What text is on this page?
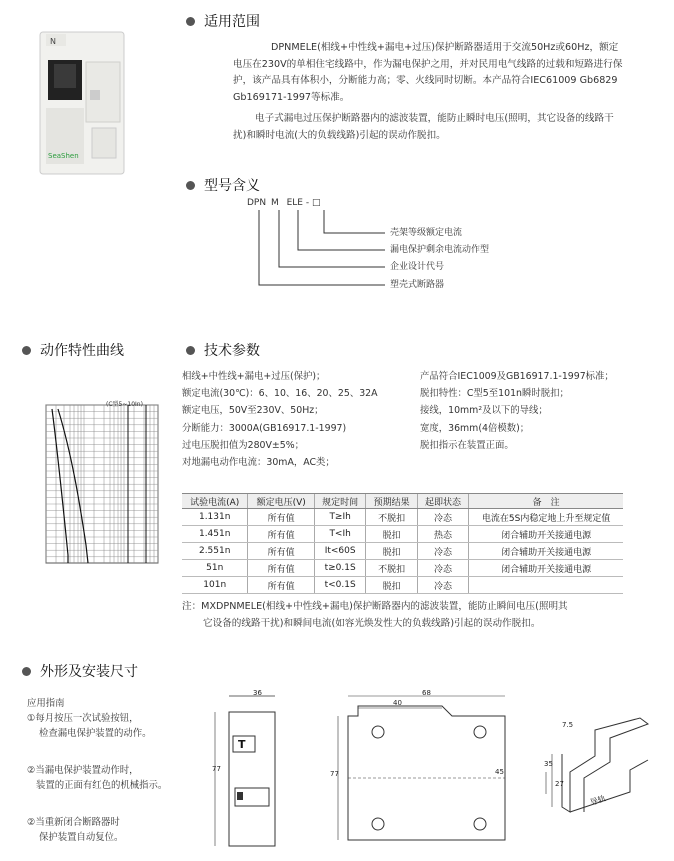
N
SeaShen
适用范围
DPNMELE(相线+中性线+漏电+过压)保护断路器适用于交流50Hz或60Hz，额定电压在230V的单相住宅线路中，作为漏电保护之用，并对民用电气线路的过载和短路进行保护，该产品具有体积小，分断能力高；零、火线同时切断。本产品符合IEC61009 Gb6829 Gb169171-1997等标准。
电子式漏电过压保护断路器内的滤波装置，能防止瞬时电压(照明，其它设备的线路干扰)和瞬时电流(大的负载线路)引起的误动作脱扣。
型号含义
DPN M ELE - □
壳架等级额定电流
漏电保护剩余电流动作型
企业设计代号
塑壳式断路器
动作特性曲线
(C型5~10In)
技术参数
相线+中性线+漏电+过压(保护)；
额定电流(30℃)：6、10、16、20、25、32A
额定电压，50V至230V、50Hz；
分断能力：3000A(GB16917.1-1997)
过电压脱扣值为280V±5%；
对地漏电动作电流：30mA，AC类；
产品符合IEC1009及GB16917.1-1997标准；
脱扣特性：C型5至101n瞬时脱扣；
接线，10mm²及以下的导线；
宽度，36mm(4倍模数)；
脱扣指示在装置正面。
试验电流(A)	额定电压(V)	规定时间	预期结果	起即状态	备　注
1.131n	所有值	T≥Ih	不脱扣	冷态	电流在5S内稳定地上升至规定值
1.451n	所有值	T<Ih	脱扣	热态	闭合辅助开关接通电源
2.551n	所有值	It<60S	脱扣	冷态	闭合辅助开关接通电源
51n	所有值	t≥0.1S	不脱扣	冷态	闭合辅助开关接通电源
101n	所有值	t<0.1S	脱扣	冷态	
注：MXDPNMELE(相线+中性线+漏电)保护断路器内的滤波装置，能防止瞬间电压(照明其
它设备的线路干扰)和瞬间电流(如容光焕发性大的负载线路)引起的误动作脱扣。
外形及安装尺寸
应用指南
①每月按压一次试验按钮，
检查漏电保护装置的动作。
②当漏电保护装置动作时，
装置的正面有红色的机械指示。
②当重新闭合断路器时
保护装置自动复位。
T
36
77
68
40
77	45
7.5
35
27
导轨
